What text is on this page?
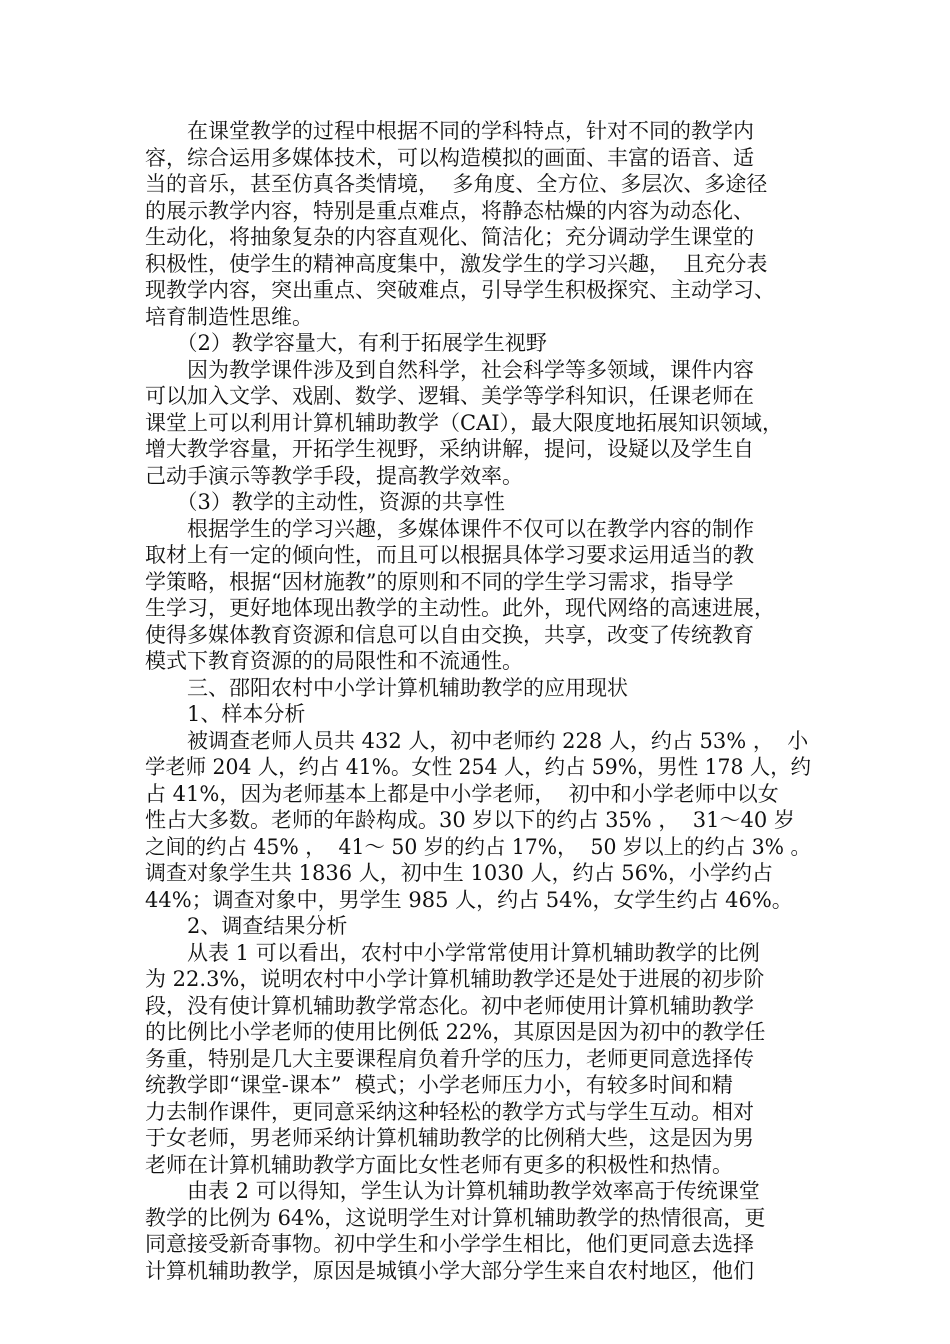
　　在课堂教学的过程中根据不同的学科特点，针对不同的教学内
容，综合运用多媒体技术，可以构造模拟的画面、丰富的语音、适
当的音乐，甚至仿真各类情境，  多角度、全方位、多层次、多途径
的展示教学内容，特别是重点难点，将静态枯燥的内容为动态化、
生动化，将抽象复杂的内容直观化、简洁化；充分调动学生课堂的
积极性，使学生的精神高度集中，激发学生的学习兴趣，  且充分表
现教学内容，突出重点、突破难点，引导学生积极探究、主动学习、
培育制造性思维。
　　（2）教学容量大，有利于拓展学生视野
　　因为教学课件涉及到自然科学，社会科学等多领域，课件内容
可以加入文学、戏剧、数学、逻辑、美学等学科知识，任课老师在
课堂上可以利用计算机辅助教学（CAI），最大限度地拓展知识领域，
增大教学容量，开拓学生视野，采纳讲解，提问，设疑以及学生自
己动手演示等教学手段，提高教学效率。
　　（3）教学的主动性，资源的共享性
　　根据学生的学习兴趣，多媒体课件不仅可以在教学内容的制作
取材上有一定的倾向性，而且可以根据具体学习要求运用适当的教
学策略，根据“因材施教”的原则和不同的学生学习需求，指导学
生学习，更好地体现出教学的主动性。此外，现代网络的高速进展，
使得多媒体教育资源和信息可以自由交换，共享，改变了传统教育
模式下教育资源的的局限性和不流通性。
　　三、邵阳农村中小学计算机辅助教学的应用现状
　　1、样本分析
　　被调查老师人员共 432 人，初中老师约 228 人，约占 53% ，  小
学老师 204 人，约占 41%。女性 254 人，约占 59%，男性 178 人，约
占 41%，因为老师基本上都是中小学老师，  初中和小学老师中以女
性占大多数。老师的年龄构成。30 岁以下的约占 35% ，  31～40 岁
之间的约占 45% ，  41～ 50 岁的约占 17%，  50 岁以上的约占 3% 。
调查对象学生共 1836 人，初中生 1030 人，约占 56%，小学约占
44%；调查对象中，男学生 985 人，约占 54%，女学生约占 46%。
　　2、调查结果分析
　　从表 1 可以看出，农村中小学常常使用计算机辅助教学的比例
为 22.3%，说明农村中小学计算机辅助教学还是处于进展的初步阶
段，没有使计算机辅助教学常态化。初中老师使用计算机辅助教学
的比例比小学老师的使用比例低 22%，其原因是因为初中的教学任
务重，特别是几大主要课程肩负着升学的压力，老师更同意选择传
统教学即“课堂-课本”  模式；小学老师压力小，有较多时间和精
力去制作课件，更同意采纳这种轻松的教学方式与学生互动。相对
于女老师，男老师采纳计算机辅助教学的比例稍大些，这是因为男
老师在计算机辅助教学方面比女性老师有更多的积极性和热情。
　　由表 2 可以得知，学生认为计算机辅助教学效率高于传统课堂
教学的比例为 64%，这说明学生对计算机辅助教学的热情很高，更
同意接受新奇事物。初中学生和小学学生相比，他们更同意去选择
计算机辅助教学，原因是城镇小学大部分学生来自农村地区，他们
